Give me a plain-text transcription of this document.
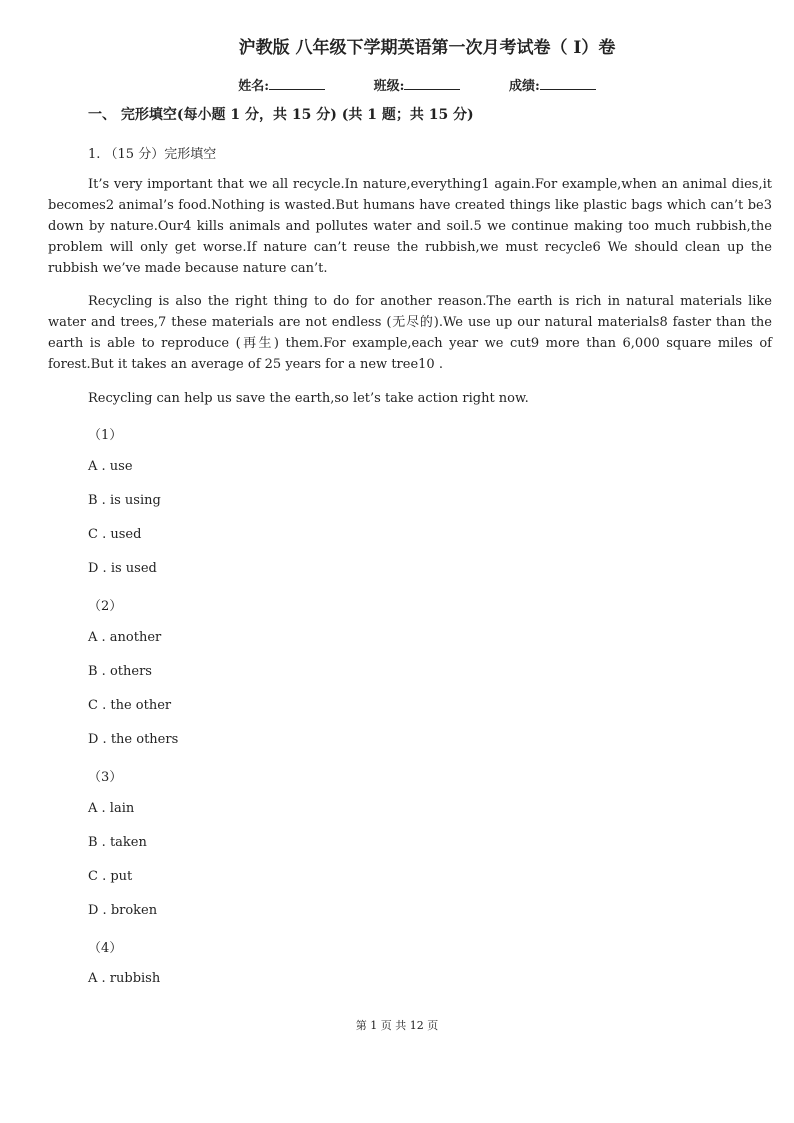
沪教版 八年级下学期英语第一次月考试卷（ I）卷
姓名:	班级:	成绩:
一、 完形填空(每小题 1 分，共 15 分) (共 1 题；共 15 分)
1. （15 分）完形填空

It’s very important that we all recycle.In nature,everything1 again.For example,when an animal dies,it becomes2 animal’s food.Nothing is wasted.But humans have created things like plastic bags which can’t be3 down by nature.Our4 kills animals and pollutes water and soil.5 we continue making too much rubbish,the problem will only get worse.If nature can’t reuse the rubbish,we must recycle6 We should clean up the rubbish we’ve made because nature can’t.

Recycling is also the right thing to do for another reason.The earth is rich in natural materials like water and trees,7 these materials are not endless (无尽的).We use up our natural materials8 faster than the earth is able to reproduce (再生) them.For example,each year we cut9 more than 6,000 square miles of forest.But it takes an average of 25 years for a new tree10 .

Recycling can help us save the earth,so let’s take action right now.

（1）
A . use
B . is using
C . used
D . is used
（2）
A . another
B . others
C . the other
D . the others
（3）
A . lain
B . taken
C . put
D . broken
（4）
A . rubbish
第 1 页 共 12 页
